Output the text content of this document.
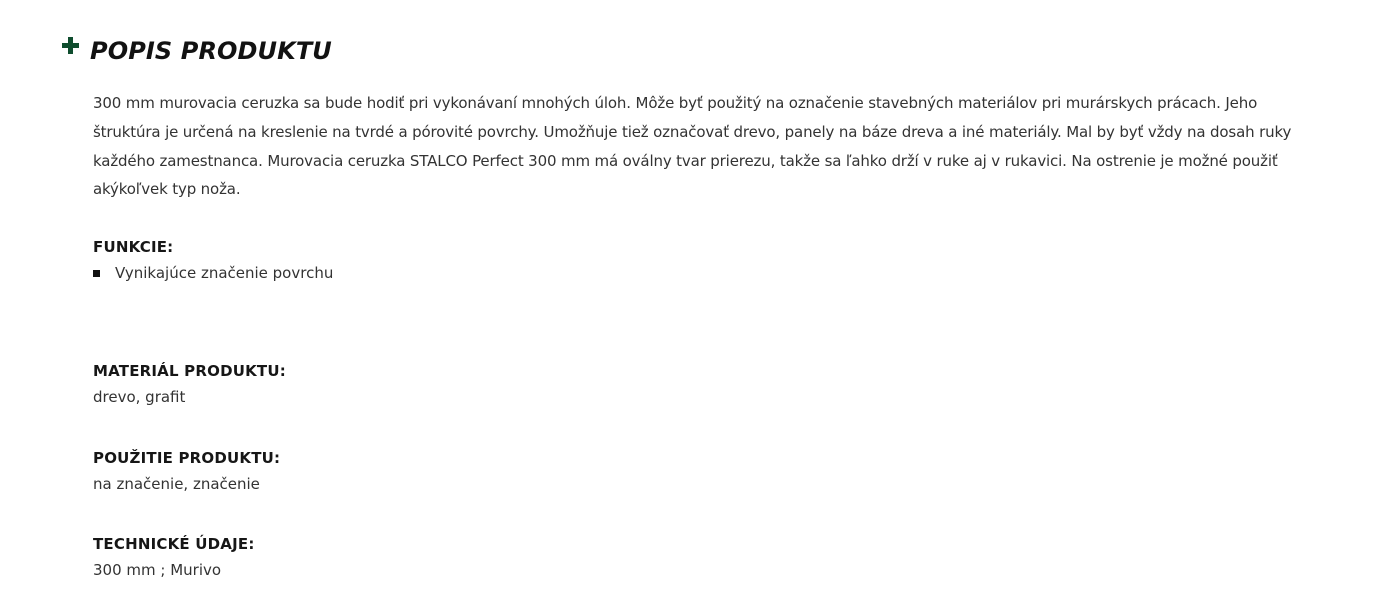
POPIS PRODUKTU

300 mm murovacia ceruzka sa bude hodiť pri vykonávaní mnohých úloh. Môže byť použitý na označenie stavebných materiálov pri murárskych prácach. Jeho štruktúra je určená na kreslenie na tvrdé a pórovité povrchy. Umožňuje tiež označovať drevo, panely na báze dreva a iné materiály. Mal by byť vždy na dosah ruky každého zamestnanca. Murovacia ceruzka STALCO Perfect 300 mm má oválny tvar prierezu, takže sa ľahko drží v ruke aj v rukavici. Na ostrenie je možné použiť akýkoľvek typ noža.

FUNKCIE:
Vynikajúce značenie povrchu
MATERIÁL PRODUKTU:

drevo, grafit

POUŽITIE PRODUKTU:

na značenie, značenie

TECHNICKÉ ÚDAJE:

300 mm ; Murivo
